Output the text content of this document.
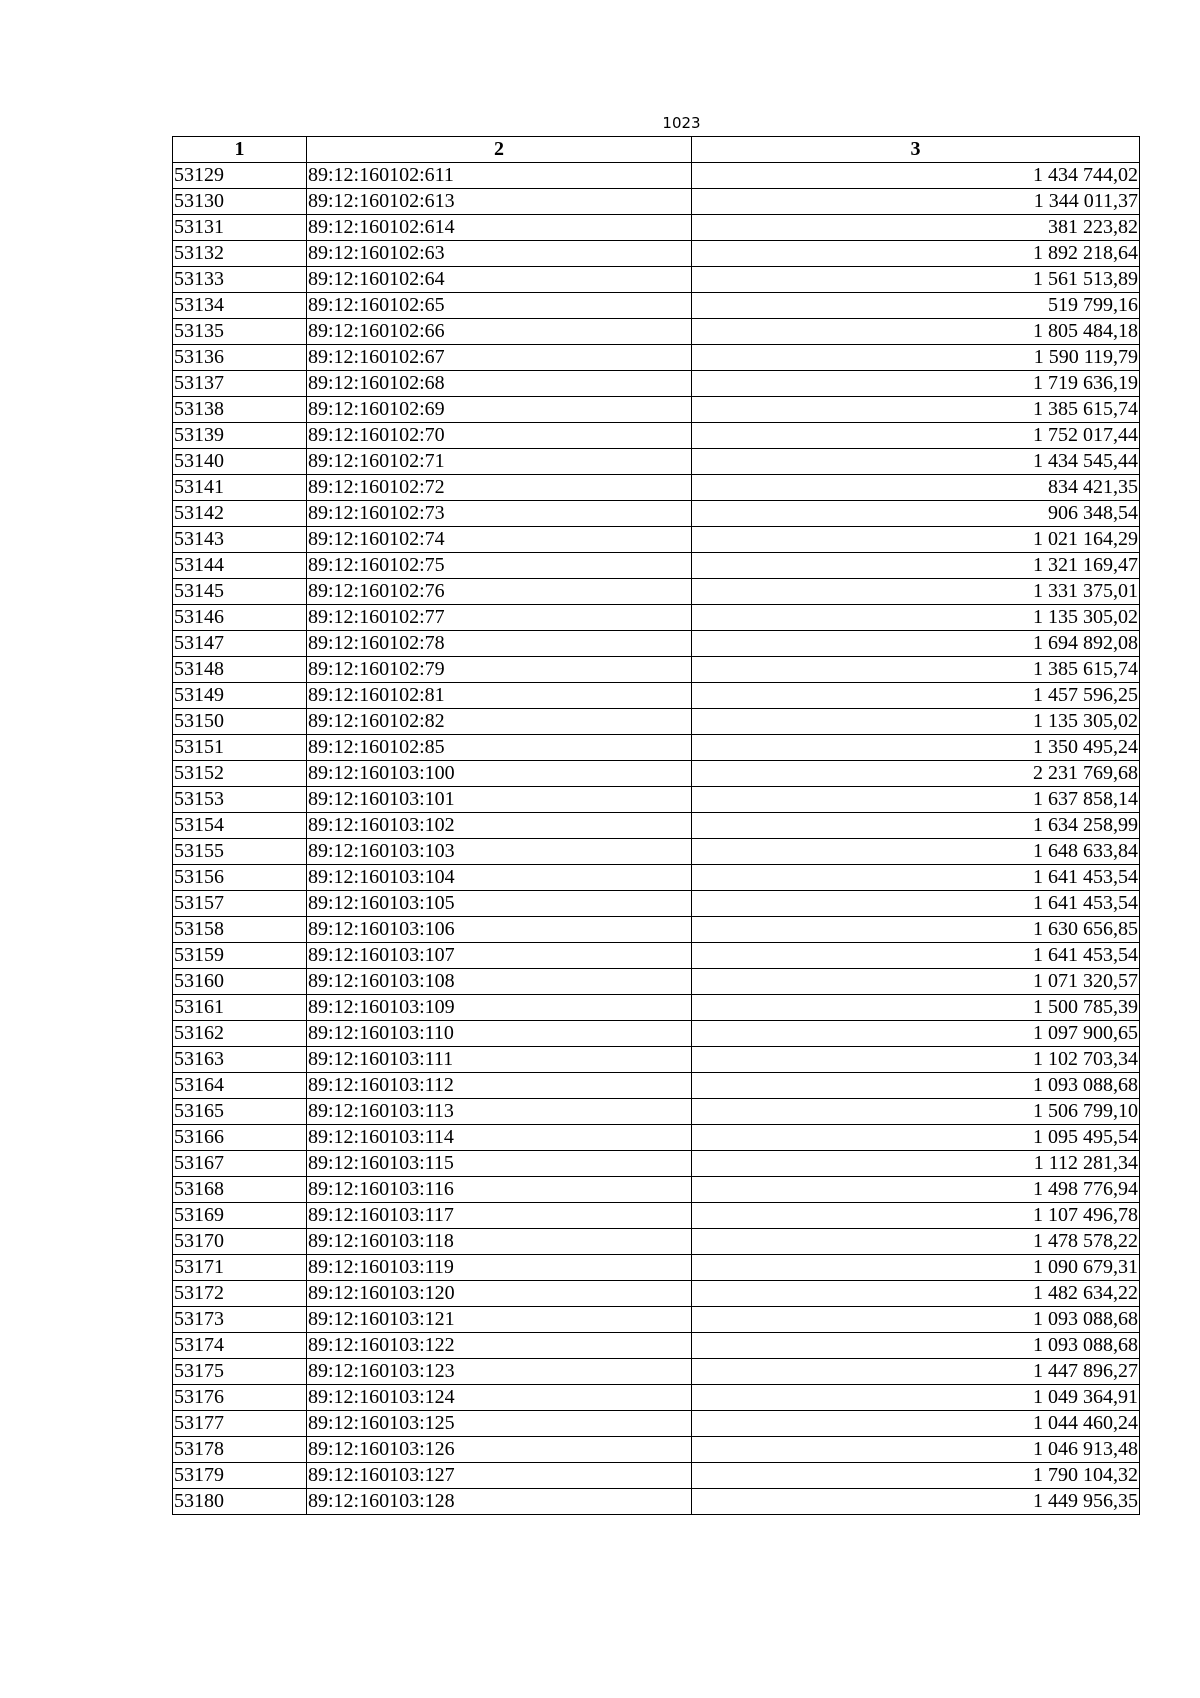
1023
1	2	3
53129	89:12:160102:611	1 434 744,02
53130	89:12:160102:613	1 344 011,37
53131	89:12:160102:614	381 223,82
53132	89:12:160102:63	1 892 218,64
53133	89:12:160102:64	1 561 513,89
53134	89:12:160102:65	519 799,16
53135	89:12:160102:66	1 805 484,18
53136	89:12:160102:67	1 590 119,79
53137	89:12:160102:68	1 719 636,19
53138	89:12:160102:69	1 385 615,74
53139	89:12:160102:70	1 752 017,44
53140	89:12:160102:71	1 434 545,44
53141	89:12:160102:72	834 421,35
53142	89:12:160102:73	906 348,54
53143	89:12:160102:74	1 021 164,29
53144	89:12:160102:75	1 321 169,47
53145	89:12:160102:76	1 331 375,01
53146	89:12:160102:77	1 135 305,02
53147	89:12:160102:78	1 694 892,08
53148	89:12:160102:79	1 385 615,74
53149	89:12:160102:81	1 457 596,25
53150	89:12:160102:82	1 135 305,02
53151	89:12:160102:85	1 350 495,24
53152	89:12:160103:100	2 231 769,68
53153	89:12:160103:101	1 637 858,14
53154	89:12:160103:102	1 634 258,99
53155	89:12:160103:103	1 648 633,84
53156	89:12:160103:104	1 641 453,54
53157	89:12:160103:105	1 641 453,54
53158	89:12:160103:106	1 630 656,85
53159	89:12:160103:107	1 641 453,54
53160	89:12:160103:108	1 071 320,57
53161	89:12:160103:109	1 500 785,39
53162	89:12:160103:110	1 097 900,65
53163	89:12:160103:111	1 102 703,34
53164	89:12:160103:112	1 093 088,68
53165	89:12:160103:113	1 506 799,10
53166	89:12:160103:114	1 095 495,54
53167	89:12:160103:115	1 112 281,34
53168	89:12:160103:116	1 498 776,94
53169	89:12:160103:117	1 107 496,78
53170	89:12:160103:118	1 478 578,22
53171	89:12:160103:119	1 090 679,31
53172	89:12:160103:120	1 482 634,22
53173	89:12:160103:121	1 093 088,68
53174	89:12:160103:122	1 093 088,68
53175	89:12:160103:123	1 447 896,27
53176	89:12:160103:124	1 049 364,91
53177	89:12:160103:125	1 044 460,24
53178	89:12:160103:126	1 046 913,48
53179	89:12:160103:127	1 790 104,32
53180	89:12:160103:128	1 449 956,35
